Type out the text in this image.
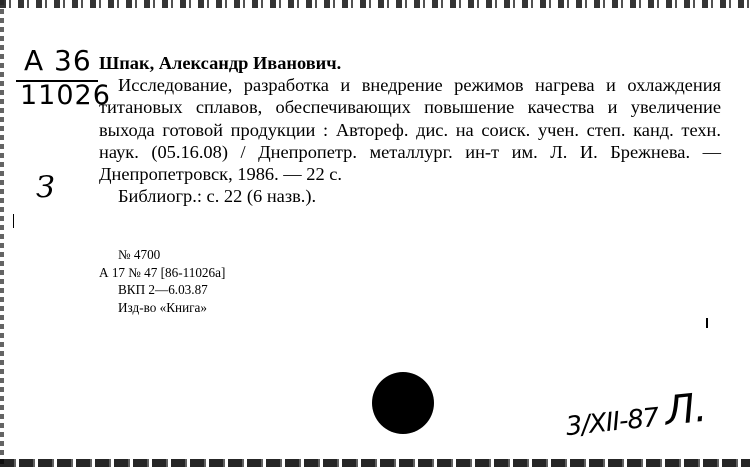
А 36
11026
З

Шпак, Александр Иванович.

Исследование, разработка и внедрение режимов нагрева и охлаждения титановых сплавов, обеспечивающих повышение качества и увеличение выхода готовой продукции : Автореф. дис. на соиск. учен. степ. канд. техн. наук. (05.16.08) / Днепропетр. металлург. ин-т им. Л. И. Брежнева. — Днепропетровск, 1986. — 22 с.

Библиогр.: с. 22 (6 назв.).

№ 4700
А 17 № 47 [86-11026а]
ВКП 2—6.03.87
Изд-во «Книга»
3/XII-87 Л.
